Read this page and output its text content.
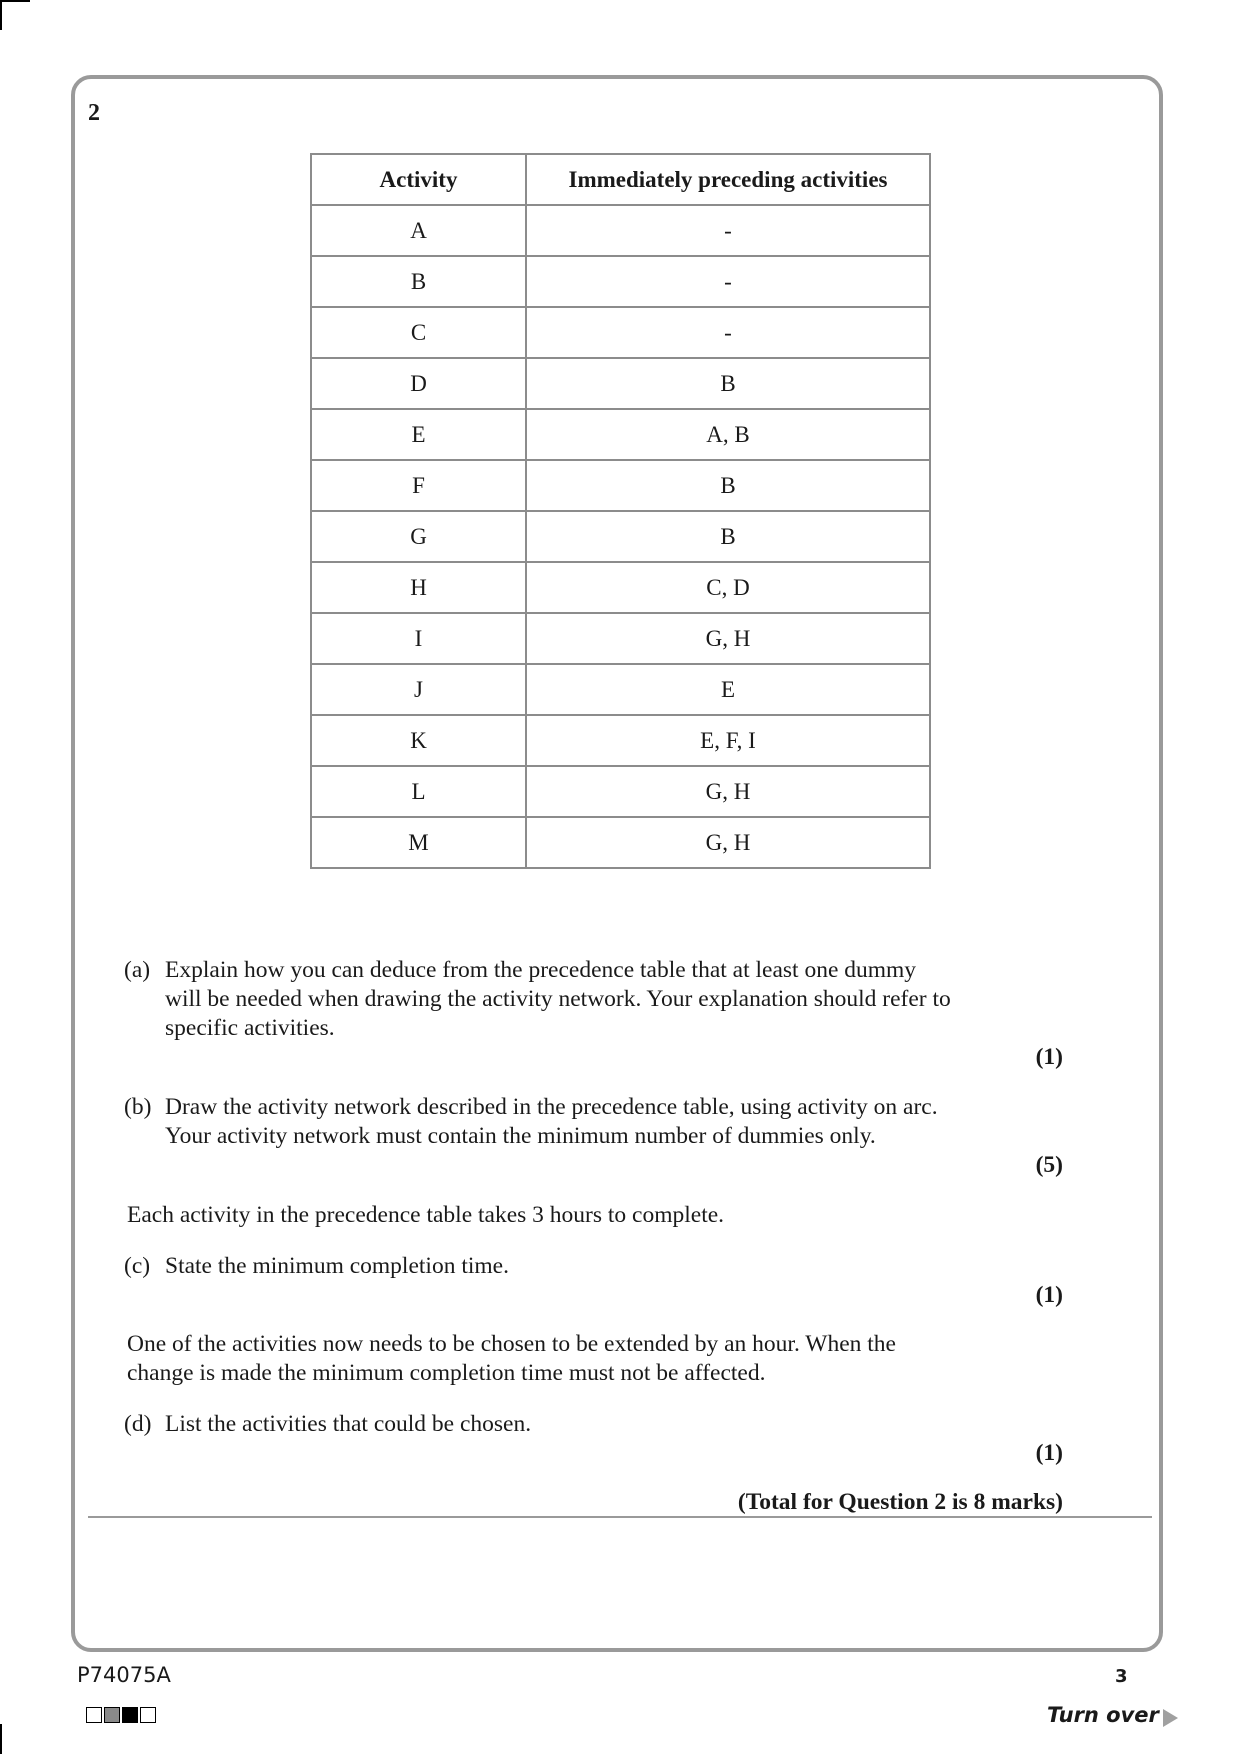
2
Activity	Immediately preceding activities
A	-
B	-
C	-
D	B
E	A, B
F	B
G	B
H	C, D
I	G, H
J	E
K	E, F, I
L	G, H
M	G, H
(a) Explain how you can deduce from the precedence table that at least one dummy
will be needed when drawing the activity network. Your explanation should refer to
specific activities.
(1)
(b) Draw the activity network described in the precedence table, using activity on arc.
Your activity network must contain the minimum number of dummies only.
(5)
Each activity in the precedence table takes 3 hours to complete.
(c) State the minimum completion time.
(1)
One of the activities now needs to be chosen to be extended by an hour. When the
change is made the minimum completion time must not be affected.
(d) List the activities that could be chosen.
(1)
(Total for Question 2 is 8 marks)
P74075A	3
Turn over
